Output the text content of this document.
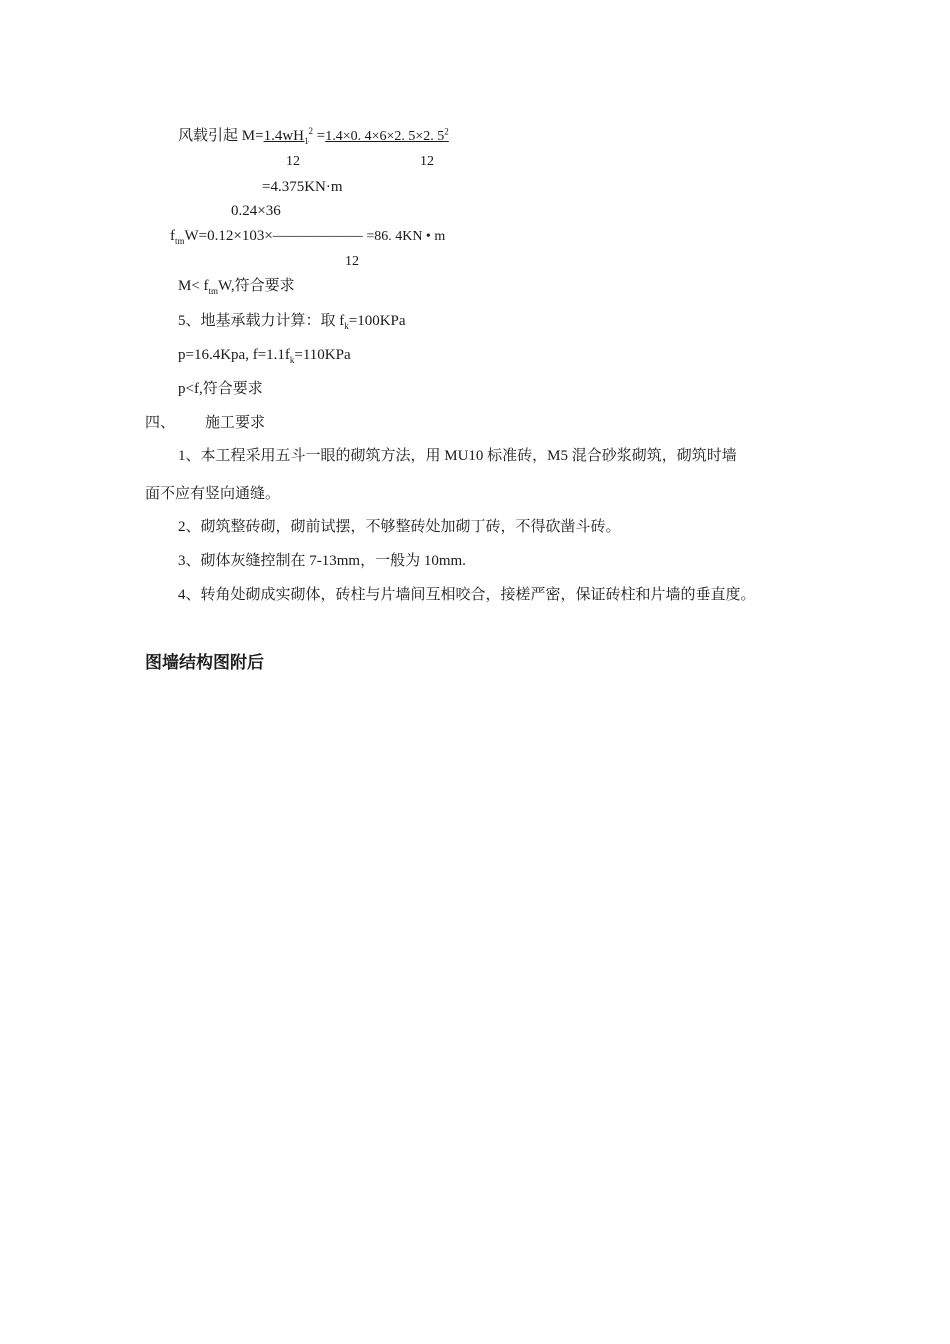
风载引起 $M=1.4wH_1^2 =1.4\times 0$. 4×6×2. 5×2. $5^2$
12	12
=4.375KN·m
0.24×36
$f_{tm}W=0.12\times 103\times—————— =86$. 4KN • m
12
$M< f_{tm}W$,符合要求
5、地基承载力计算：取 $f_k=100KPa$
p=16.4Kpa, $f=1.1f_k=110KPa$
p<f,符合要求
四、 施工要求
1、本工程采用五斗一眼的砌筑方法，用 MU10 标准砖，M5 混合砂浆砌筑，砌筑时墙
面不应有竖向通缝。
2、砌筑整砖砌，砌前试摆，不够整砖处加砌丁砖，不得砍凿斗砖。
3、砌体灰缝控制在 7-13mm，一般为 10mm.
4、转角处砌成实砌体，砖柱与片墙间互相咬合，接槎严密，保证砖柱和片墙的垂直度。
图墙结构图附后
